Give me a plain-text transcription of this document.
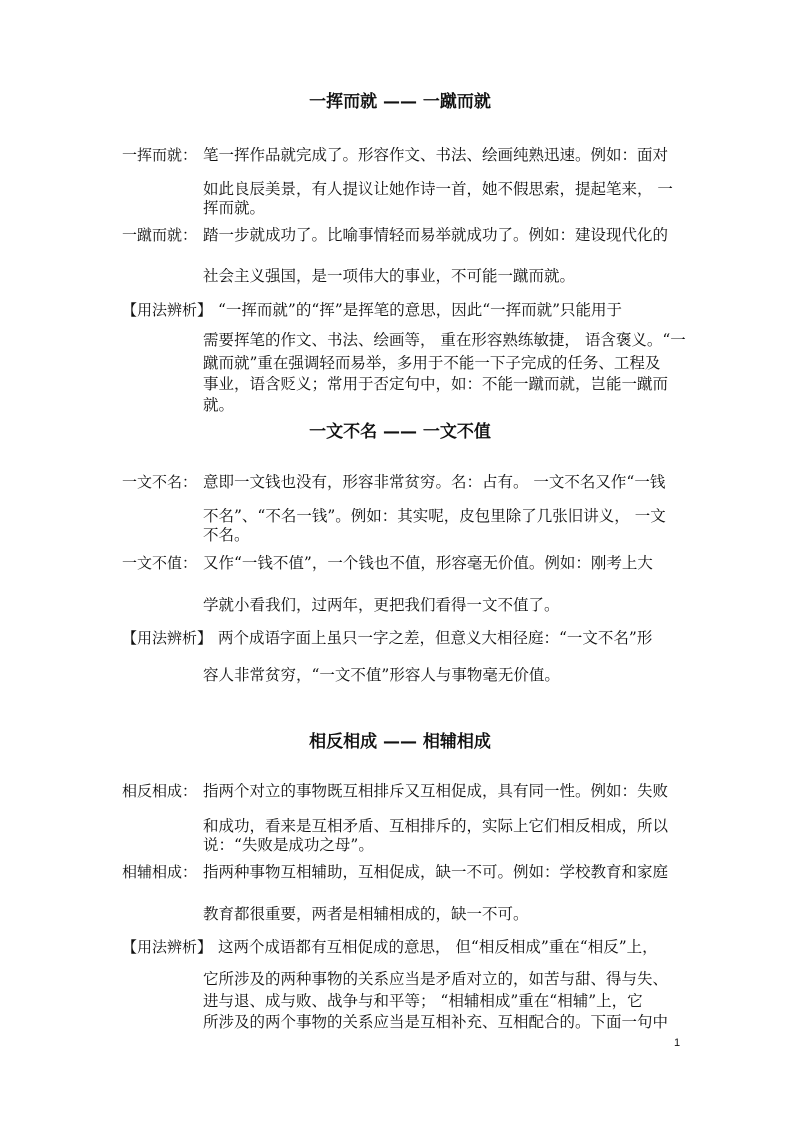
一挥而就 —— 一蹴而就
一挥而就： 笔一挥作品就完成了。形容作文、书法、绘画纯熟迅速。例如：面对
如此良辰美景，有人提议让她作诗一首，她不假思索，提起笔来， 一
挥而就。
一蹴而就： 踏一步就成功了。比喻事情轻而易举就成功了。例如：建设现代化的
社会主义强国，是一项伟大的事业，不可能一蹴而就。
【用法辨析】 “一挥而就”的“挥”是挥笔的意思，因此“一挥而就”只能用于
需要挥笔的作文、书法、绘画等， 重在形容熟练敏捷， 语含褒义。“一
蹴而就”重在强调轻而易举，多用于不能一下子完成的任务、工程及
事业，语含贬义；常用于否定句中，如：不能一蹴而就，岂能一蹴而
就。
一文不名 —— 一文不值
一文不名： 意即一文钱也没有，形容非常贫穷。名：占有。 一文不名又作“一钱
不名”、“不名一钱”。例如：其实呢，皮包里除了几张旧讲义， 一文
不名。
一文不值： 又作“一钱不值”，一个钱也不值，形容毫无价值。例如：刚考上大
学就小看我们，过两年，更把我们看得一文不值了。
【用法辨析】 两个成语字面上虽只一字之差，但意义大相径庭：“一文不名”形
容人非常贫穷，“一文不值”形容人与事物毫无价值。
相反相成 —— 相辅相成
相反相成： 指两个对立的事物既互相排斥又互相促成，具有同一性。例如：失败
和成功，看来是互相矛盾、互相排斥的，实际上它们相反相成，所以
说：“失败是成功之母”。
相辅相成： 指两种事物互相辅助，互相促成，缺一不可。例如：学校教育和家庭
教育都很重要，两者是相辅相成的，缺一不可。
【用法辨析】 这两个成语都有互相促成的意思， 但“相反相成”重在“相反”上，
它所涉及的两种事物的关系应当是矛盾对立的，如苦与甜、得与失、
进与退、成与败、战争与和平等； “相辅相成”重在“相辅”上，它
所涉及的两个事物的关系应当是互相补充、互相配合的。下面一句中
1
